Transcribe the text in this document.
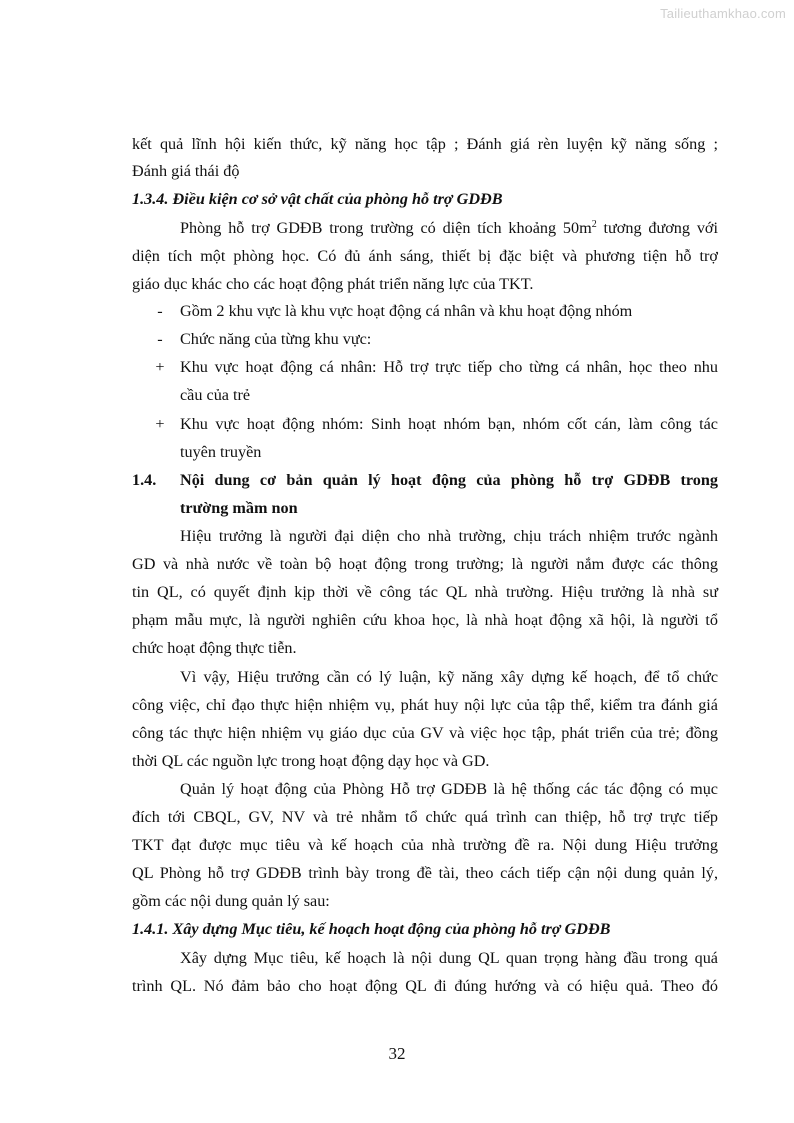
Tailieuthamkhao.com
kết quả lĩnh hội kiến thức, kỹ năng học tập ; Đánh giá rèn luyện kỹ năng sống ;
Đánh giá thái độ
1.3.4. Điều kiện cơ sở vật chất của phòng hỗ trợ GDĐB
Phòng hỗ trợ GDĐB trong trường có diện tích khoảng $50m^2$ tương đương với
diện tích một phòng học. Có đủ ánh sáng, thiết bị đặc biệt và phương tiện hỗ trợ
giáo dục khác cho các hoạt động phát triển năng lực của TKT.
-	Gồm 2 khu vực là khu vực hoạt động cá nhân và khu hoạt động nhóm
-	Chức năng của từng khu vực:
+ Khu vực hoạt động cá nhân: Hỗ trợ trực tiếp cho từng cá nhân, học theo nhu
cầu của trẻ
+ Khu vực hoạt động nhóm: Sinh hoạt nhóm bạn, nhóm cốt cán, làm công tác
tuyên truyền
1.4. Nội dung cơ bản quản lý hoạt động của phòng hỗ trợ GDĐB trong
trường mầm non
Hiệu trưởng là người đại diện cho nhà trường, chịu trách nhiệm trước ngành
GD và nhà nước về toàn bộ hoạt động trong trường; là người nắm được các thông
tin QL, có quyết định kịp thời về công tác QL nhà trường. Hiệu trưởng là nhà sư
phạm mẫu mực, là người nghiên cứu khoa học, là nhà hoạt động xã hội, là người tổ
chức hoạt động thực tiễn.
Vì vậy, Hiệu trưởng cần có lý luận, kỹ năng xây dựng kế hoạch, để tổ chức
công việc, chỉ đạo thực hiện nhiệm vụ, phát huy nội lực của tập thể, kiểm tra đánh giá
công tác thực hiện nhiệm vụ giáo dục của GV và việc học tập, phát triển của trẻ; đồng
thời QL các nguồn lực trong hoạt động dạy học và GD.
Quản lý hoạt động của Phòng Hỗ trợ GDĐB là hệ thống các tác động có mục
đích tới CBQL, GV, NV và trẻ nhằm tổ chức quá trình can thiệp, hỗ trợ trực tiếp
TKT đạt được mục tiêu và kế hoạch của nhà trường đề ra. Nội dung Hiệu trưởng
QL Phòng hỗ trợ GDĐB trình bày trong đề tài, theo cách tiếp cận nội dung quản lý,
gồm các nội dung quản lý sau:
1.4.1. Xây dựng Mục tiêu, kế hoạch hoạt động của phòng hỗ trợ GDĐB
Xây dựng Mục tiêu, kế hoạch là nội dung QL quan trọng hàng đầu trong quá
trình QL. Nó đảm bảo cho hoạt động QL đi đúng hướng và có hiệu quả. Theo đó
32
